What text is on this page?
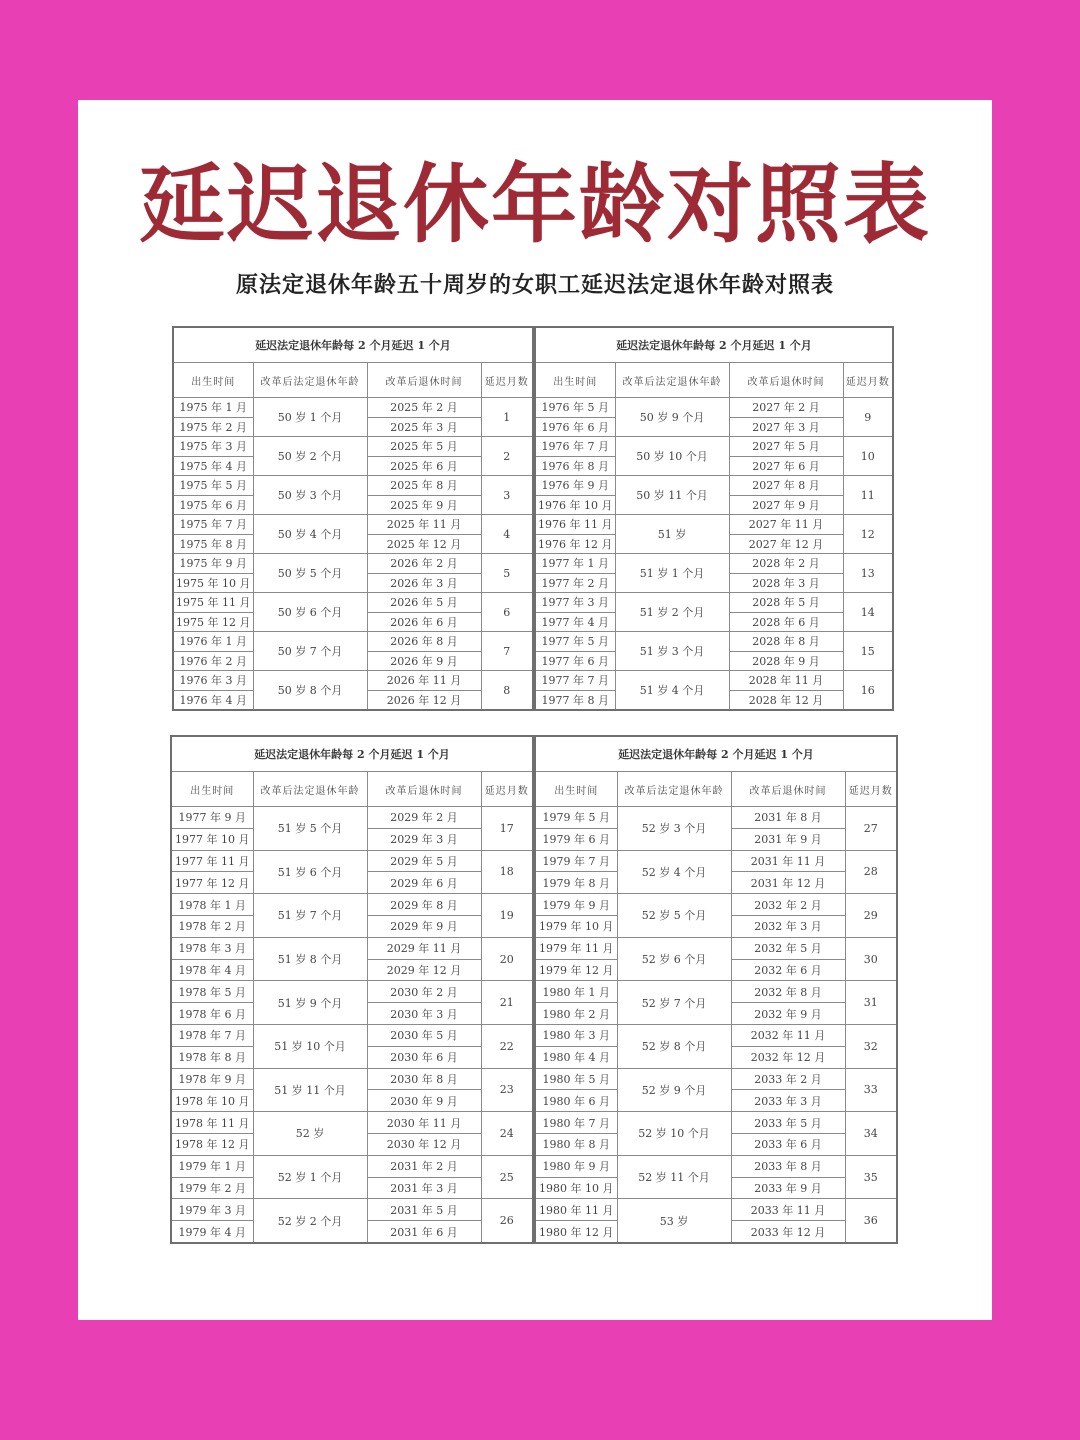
延迟退休年龄对照表
原法定退休年龄五十周岁的女职工延迟法定退休年龄对照表
延迟法定退休年龄每 2 个月延迟 1 个月			
出生时间	改革后法定退休年龄	改革后退休时间	延迟月数
1975 年 1 月	50 岁 1 个月	2025 年 2 月	1
1975 年 2 月		2025 年 3 月	
1975 年 3 月	50 岁 2 个月	2025 年 5 月	2
1975 年 4 月		2025 年 6 月	
1975 年 5 月	50 岁 3 个月	2025 年 8 月	3
1975 年 6 月		2025 年 9 月	
1975 年 7 月	50 岁 4 个月	2025 年 11 月	4
1975 年 8 月		2025 年 12 月	
1975 年 9 月	50 岁 5 个月	2026 年 2 月	5
1975 年 10 月		2026 年 3 月	
1975 年 11 月	50 岁 6 个月	2026 年 5 月	6
1975 年 12 月		2026 年 6 月	
1976 年 1 月	50 岁 7 个月	2026 年 8 月	7
1976 年 2 月		2026 年 9 月	
1976 年 3 月	50 岁 8 个月	2026 年 11 月	8
1976 年 4 月		2026 年 12 月	
延迟法定退休年龄每 2 个月延迟 1 个月			
出生时间	改革后法定退休年龄	改革后退休时间	延迟月数
1976 年 5 月	50 岁 9 个月	2027 年 2 月	9
1976 年 6 月		2027 年 3 月	
1976 年 7 月	50 岁 10 个月	2027 年 5 月	10
1976 年 8 月		2027 年 6 月	
1976 年 9 月	50 岁 11 个月	2027 年 8 月	11
1976 年 10 月		2027 年 9 月	
1976 年 11 月	51 岁	2027 年 11 月	12
1976 年 12 月		2027 年 12 月	
1977 年 1 月	51 岁 1 个月	2028 年 2 月	13
1977 年 2 月		2028 年 3 月	
1977 年 3 月	51 岁 2 个月	2028 年 5 月	14
1977 年 4 月		2028 年 6 月	
1977 年 5 月	51 岁 3 个月	2028 年 8 月	15
1977 年 6 月		2028 年 9 月	
1977 年 7 月	51 岁 4 个月	2028 年 11 月	16
1977 年 8 月		2028 年 12 月	
延迟法定退休年龄每 2 个月延迟 1 个月			
出生时间	改革后法定退休年龄	改革后退休时间	延迟月数
1977 年 9 月	51 岁 5 个月	2029 年 2 月	17
1977 年 10 月		2029 年 3 月	
1977 年 11 月	51 岁 6 个月	2029 年 5 月	18
1977 年 12 月		2029 年 6 月	
1978 年 1 月	51 岁 7 个月	2029 年 8 月	19
1978 年 2 月		2029 年 9 月	
1978 年 3 月	51 岁 8 个月	2029 年 11 月	20
1978 年 4 月		2029 年 12 月	
1978 年 5 月	51 岁 9 个月	2030 年 2 月	21
1978 年 6 月		2030 年 3 月	
1978 年 7 月	51 岁 10 个月	2030 年 5 月	22
1978 年 8 月		2030 年 6 月	
1978 年 9 月	51 岁 11 个月	2030 年 8 月	23
1978 年 10 月		2030 年 9 月	
1978 年 11 月	52 岁	2030 年 11 月	24
1978 年 12 月		2030 年 12 月	
1979 年 1 月	52 岁 1 个月	2031 年 2 月	25
1979 年 2 月		2031 年 3 月	
1979 年 3 月	52 岁 2 个月	2031 年 5 月	26
1979 年 4 月		2031 年 6 月	
延迟法定退休年龄每 2 个月延迟 1 个月			
出生时间	改革后法定退休年龄	改革后退休时间	延迟月数
1979 年 5 月	52 岁 3 个月	2031 年 8 月	27
1979 年 6 月		2031 年 9 月	
1979 年 7 月	52 岁 4 个月	2031 年 11 月	28
1979 年 8 月		2031 年 12 月	
1979 年 9 月	52 岁 5 个月	2032 年 2 月	29
1979 年 10 月		2032 年 3 月	
1979 年 11 月	52 岁 6 个月	2032 年 5 月	30
1979 年 12 月		2032 年 6 月	
1980 年 1 月	52 岁 7 个月	2032 年 8 月	31
1980 年 2 月		2032 年 9 月	
1980 年 3 月	52 岁 8 个月	2032 年 11 月	32
1980 年 4 月		2032 年 12 月	
1980 年 5 月	52 岁 9 个月	2033 年 2 月	33
1980 年 6 月		2033 年 3 月	
1980 年 7 月	52 岁 10 个月	2033 年 5 月	34
1980 年 8 月		2033 年 6 月	
1980 年 9 月	52 岁 11 个月	2033 年 8 月	35
1980 年 10 月		2033 年 9 月	
1980 年 11 月	53 岁	2033 年 11 月	36
1980 年 12 月		2033 年 12 月	
